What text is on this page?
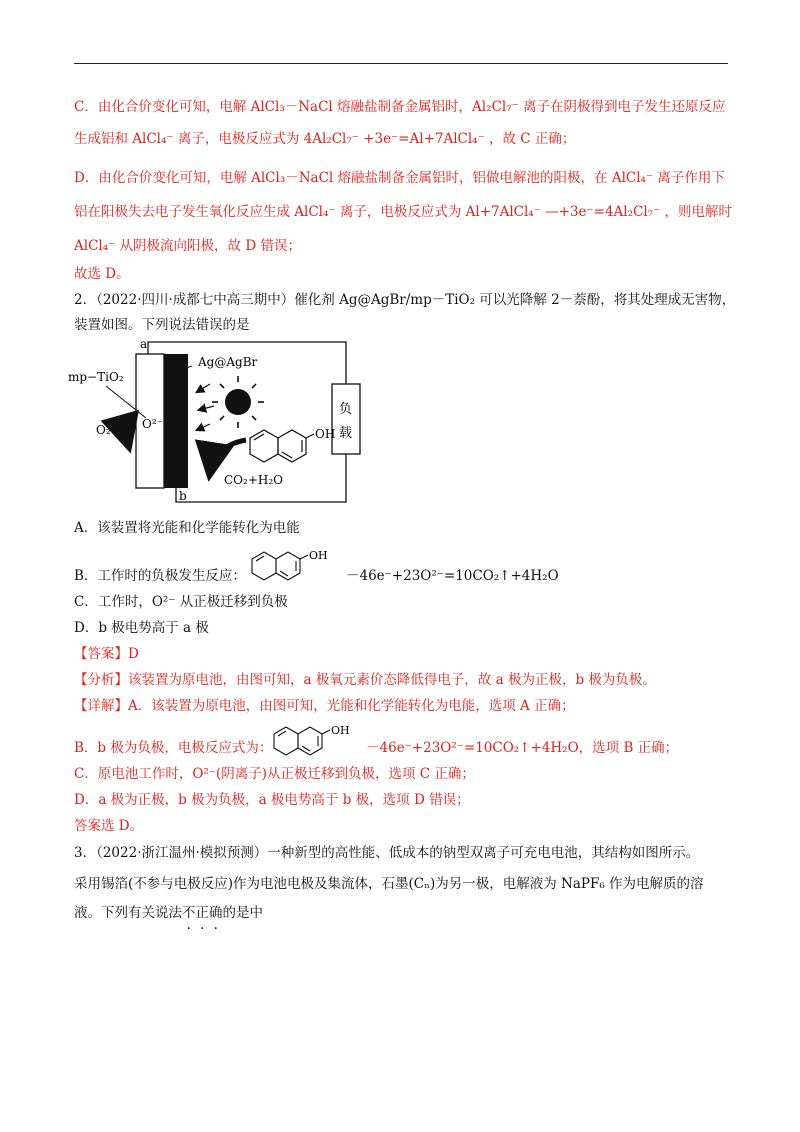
C．由化合价变化可知，电解 AlCl₃－NaCl 熔融盐制备金属铝时，Al₂Cl₇⁻ 离子在阴极得到电子发生还原反应
生成铝和 AlCl₄⁻ 离子，电极反应式为 4Al₂Cl₇⁻ +3e⁻=Al+7AlCl₄⁻ ，故 C 正确；
D．由化合价变化可知，电解 AlCl₃－NaCl 熔融盐制备金属铝时，铝做电解池的阳极，在 AlCl₄⁻ 离子作用下
铝在阳极失去电子发生氧化反应生成 AlCl₄⁻ 离子，电极反应式为 Al+7AlCl₄⁻ —+3e⁻=4Al₂Cl₇⁻ ，则电解时
AlCl₄⁻ 从阴极流向阳极，故 D 错误；
故选 D。
2．（2022·四川·成都七中高三期中）催化剂 Ag@AgBr/mp－TiO₂ 可以光降解 2－萘酚，将其处理成无害物，
装置如图。下列说法错误的是
负
载
a
b
mp−TiO₂
Ag@AgBr
O₂	O²⁻
OH
CO₂+H₂O
A．该装置将光能和化学能转化为电能
B．工作时的负极发生反应：
OH
－46e⁻+23O²⁻=10CO₂↑+4H₂O
C．工作时，O²⁻ 从正极迁移到负极
D．b 极电势高于 a 极
【答案】D
【分析】该装置为原电池，由图可知，a 极氧元素价态降低得电子，故 a 极为正极，b 极为负极。
【详解】A．该装置为原电池，由图可知，光能和化学能转化为电能，选项 A 正确；
B．b 极为负极，电极反应式为：
OH
－46e⁻+23O²⁻=10CO₂↑+4H₂O，选项 B 正确；
C．原电池工作时，O²⁻(阴离子)从正极迁移到负极，选项 C 正确；
D．a 极为正极，b 极为负极，a 极电势高于 b 极，选项 D 错误；
答案选 D。
3．（2022·浙江温州·模拟预测）一种新型的高性能、低成本的钠型双离子可充电电池，其结构如图所示。
采用锡箔(不参与电极反应)作为电池电极及集流体，石墨(Cₙ)为另一极，电解液为 NaPF₆ 作为电解质的溶
液。下列有关说法不正确的是中
